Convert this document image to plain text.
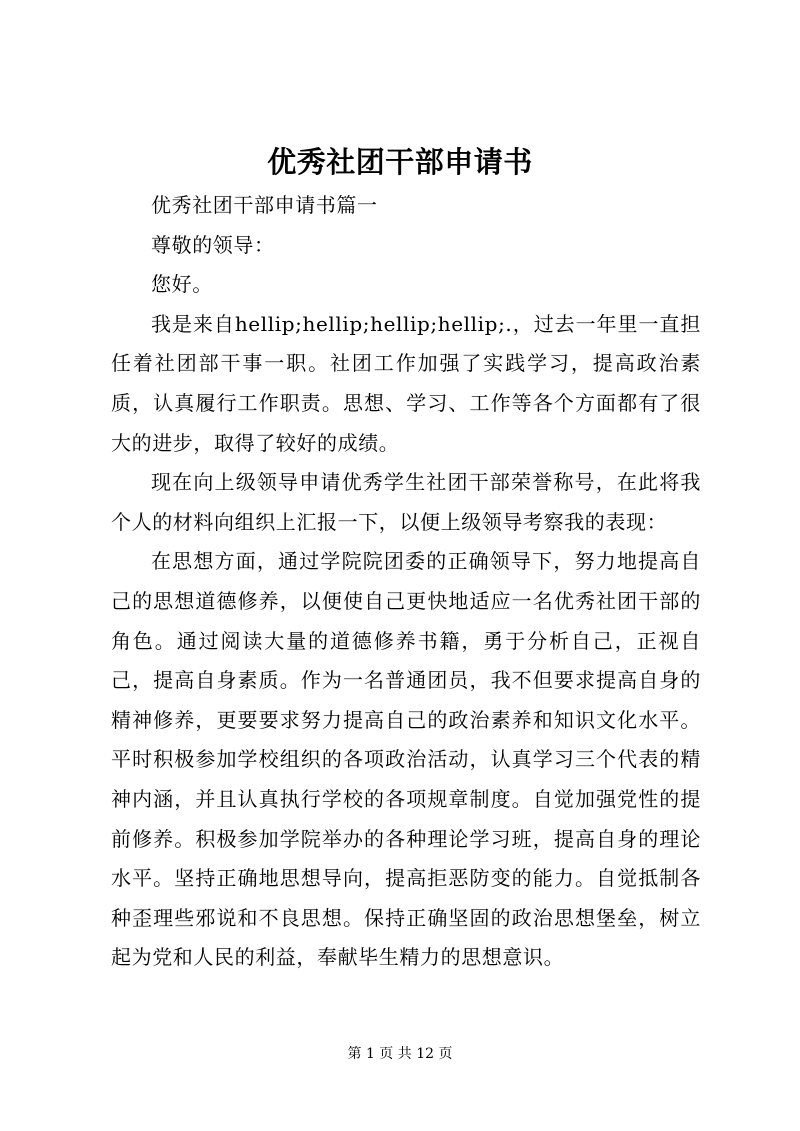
优秀社团干部申请书

优秀社团干部申请书篇一

尊敬的领导：

您好。

我是来自hellip;hellip;hellip;hellip;.，过去一年里一直担任着社团部干事一职。社团工作加强了实践学习，提高政治素质，认真履行工作职责。思想、学习、工作等各个方面都有了很大的进步，取得了较好的成绩。

现在向上级领导申请优秀学生社团干部荣誉称号，在此将我个人的材料向组织上汇报一下，以便上级领导考察我的表现：

在思想方面，通过学院院团委的正确领导下，努力地提高自己的思想道德修养，以便使自己更快地适应一名优秀社团干部的角色。通过阅读大量的道德修养书籍，勇于分析自己，正视自己，提高自身素质。作为一名普通团员，我不但要求提高自身的精神修养，更要要求努力提高自己的政治素养和知识文化水平。平时积极参加学校组织的各项政治活动，认真学习三个代表的精神内涵，并且认真执行学校的各项规章制度。自觉加强党性的提前修养。积极参加学院举办的各种理论学习班，提高自身的理论水平。坚持正确地思想导向，提高拒恶防变的能力。自觉抵制各种歪理些邪说和不良思想。保持正确坚固的政治思想堡垒，树立起为党和人民的利益，奉献毕生精力的思想意识。

第 1 页 共 12 页
